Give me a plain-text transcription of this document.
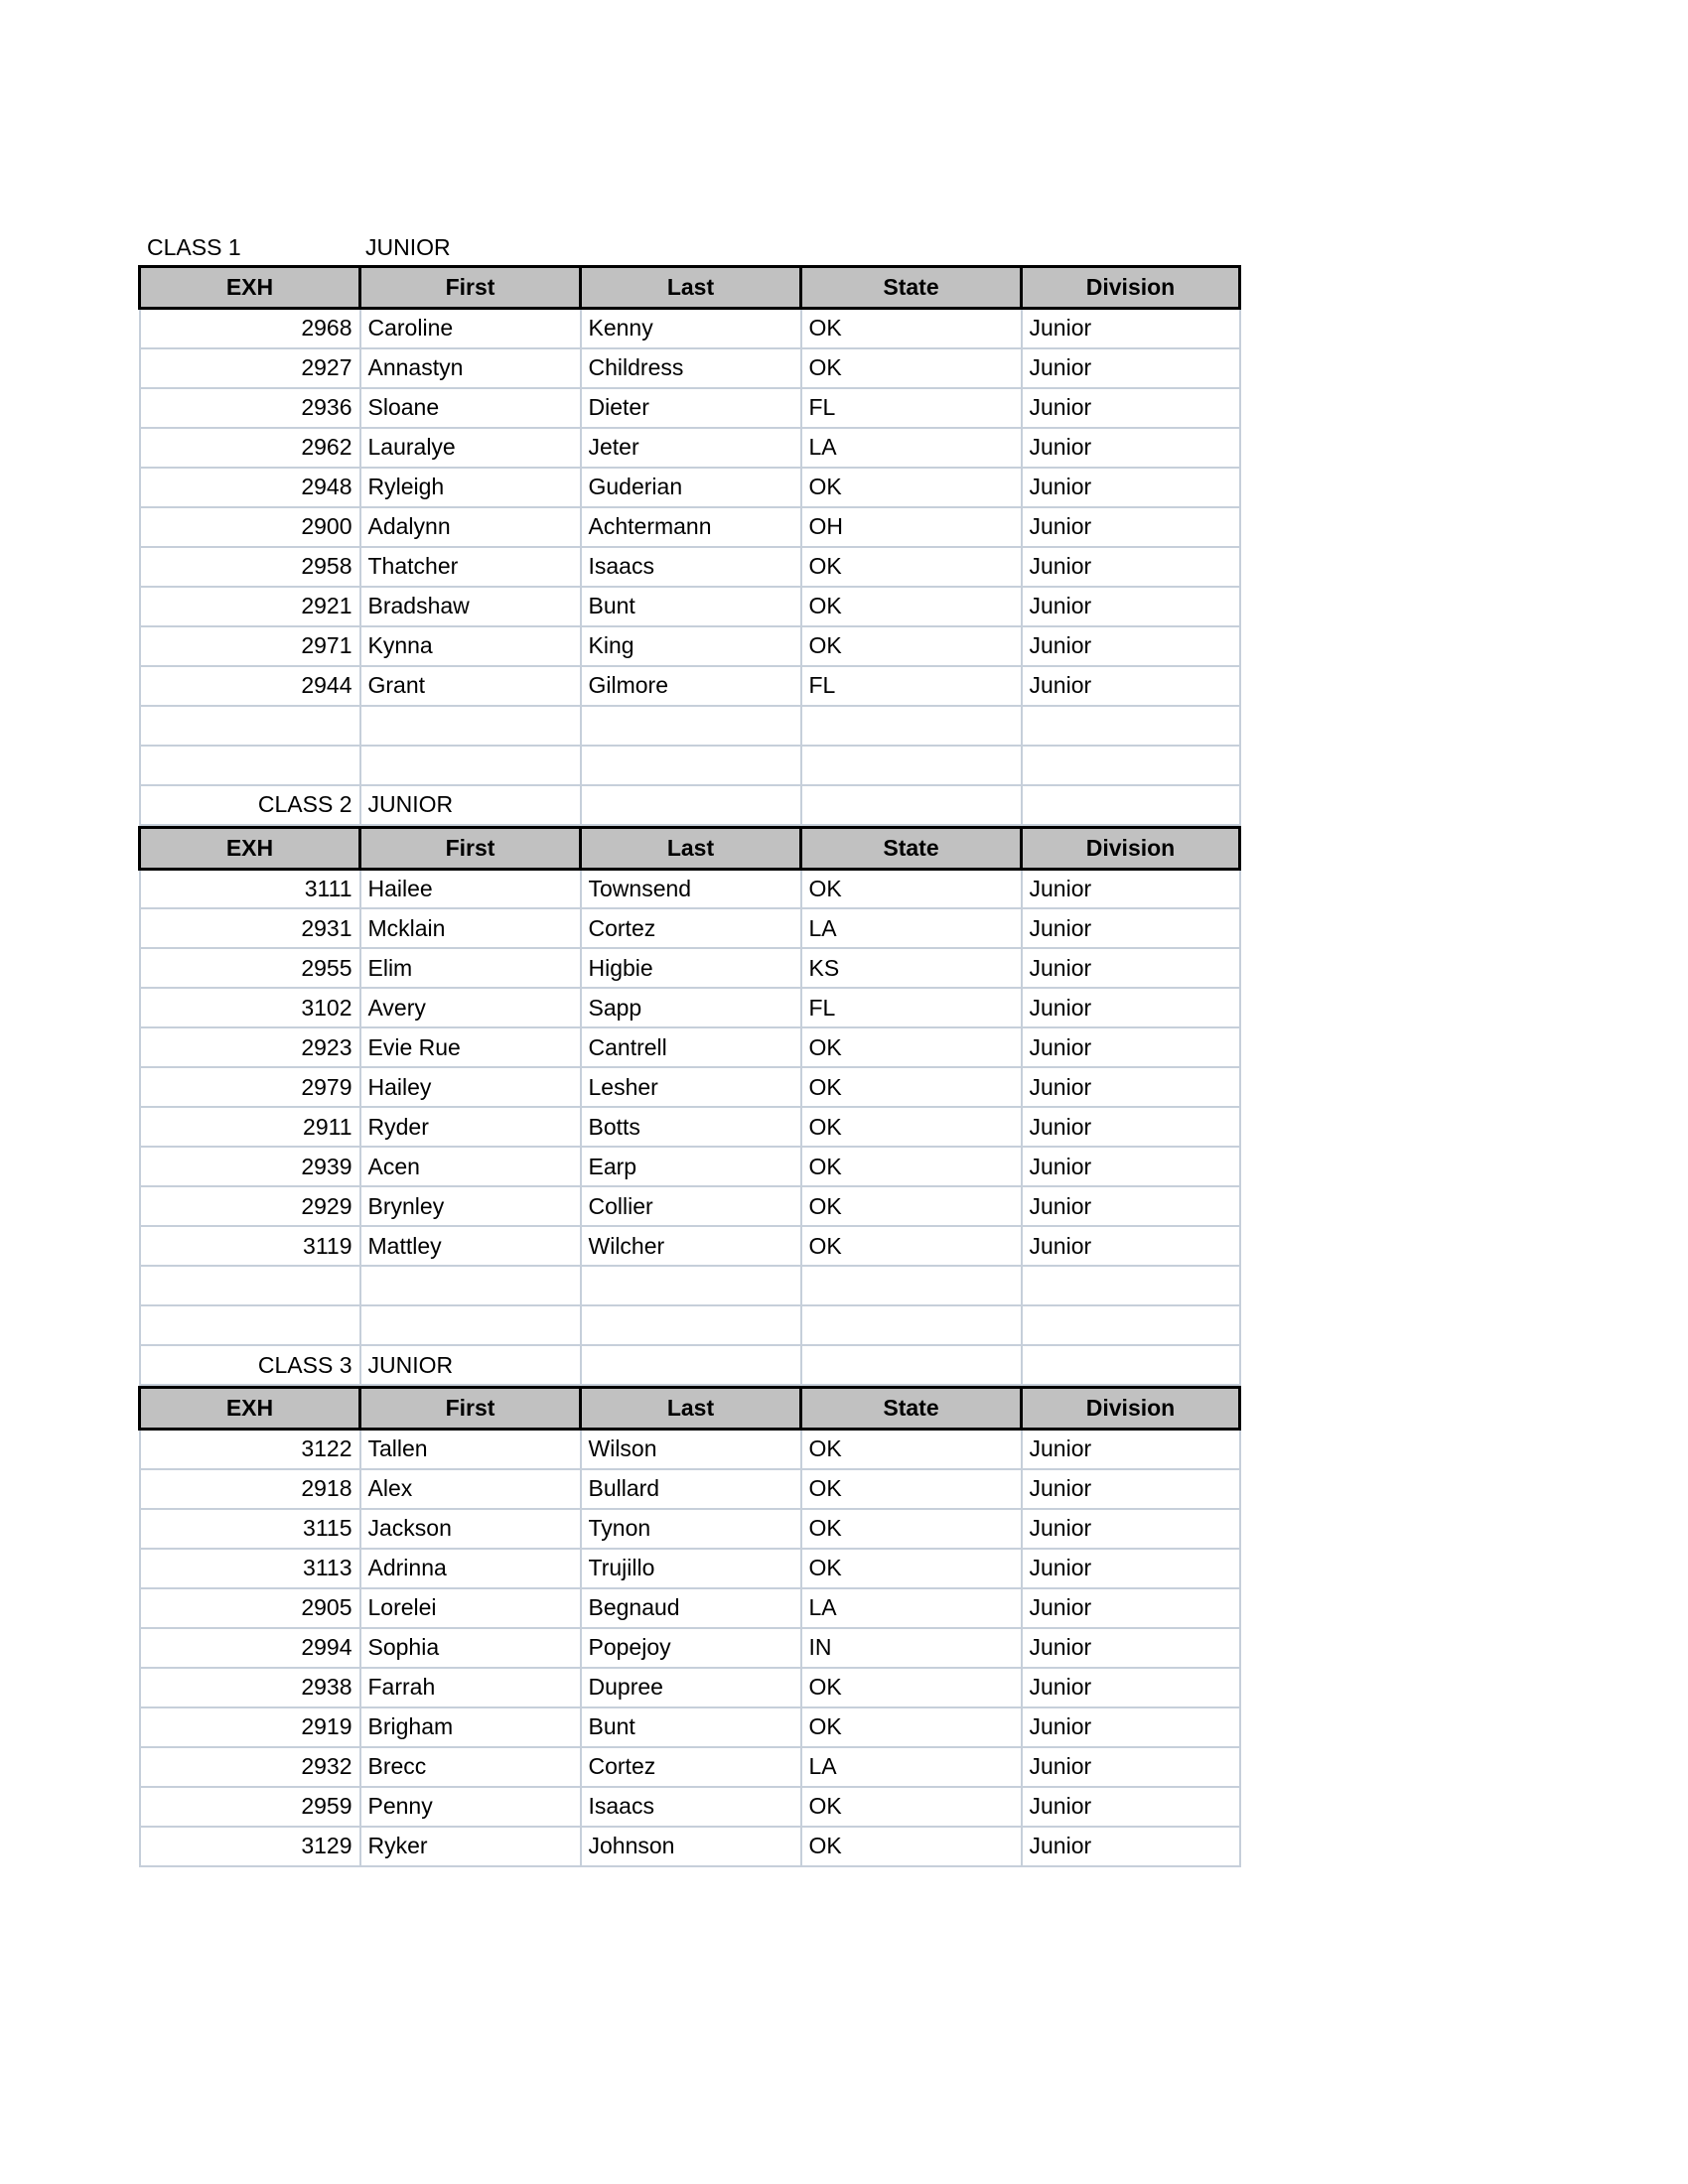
CLASS 1	JUNIOR
EXH	First	Last	State	Division
2968	Caroline	Kenny	OK	Junior
2927	Annastyn	Childress	OK	Junior
2936	Sloane	Dieter	FL	Junior
2962	Lauralye	Jeter	LA	Junior
2948	Ryleigh	Guderian	OK	Junior
2900	Adalynn	Achtermann	OH	Junior
2958	Thatcher	Isaacs	OK	Junior
2921	Bradshaw	Bunt	OK	Junior
2971	Kynna	King	OK	Junior
2944	Grant	Gilmore	FL	Junior

CLASS 2	JUNIOR			
EXH	First	Last	State	Division
3111	Hailee	Townsend	OK	Junior
2931	Mcklain	Cortez	LA	Junior
2955	Elim	Higbie	KS	Junior
3102	Avery	Sapp	FL	Junior
2923	Evie Rue	Cantrell	OK	Junior
2979	Hailey	Lesher	OK	Junior
2911	Ryder	Botts	OK	Junior
2939	Acen	Earp	OK	Junior
2929	Brynley	Collier	OK	Junior
3119	Mattley	Wilcher	OK	Junior

CLASS 3	JUNIOR			
EXH	First	Last	State	Division
3122	Tallen	Wilson	OK	Junior
2918	Alex	Bullard	OK	Junior
3115	Jackson	Tynon	OK	Junior
3113	Adrinna	Trujillo	OK	Junior
2905	Lorelei	Begnaud	LA	Junior
2994	Sophia	Popejoy	IN	Junior
2938	Farrah	Dupree	OK	Junior
2919	Brigham	Bunt	OK	Junior
2932	Brecc	Cortez	LA	Junior
2959	Penny	Isaacs	OK	Junior
3129	Ryker	Johnson	OK	Junior
